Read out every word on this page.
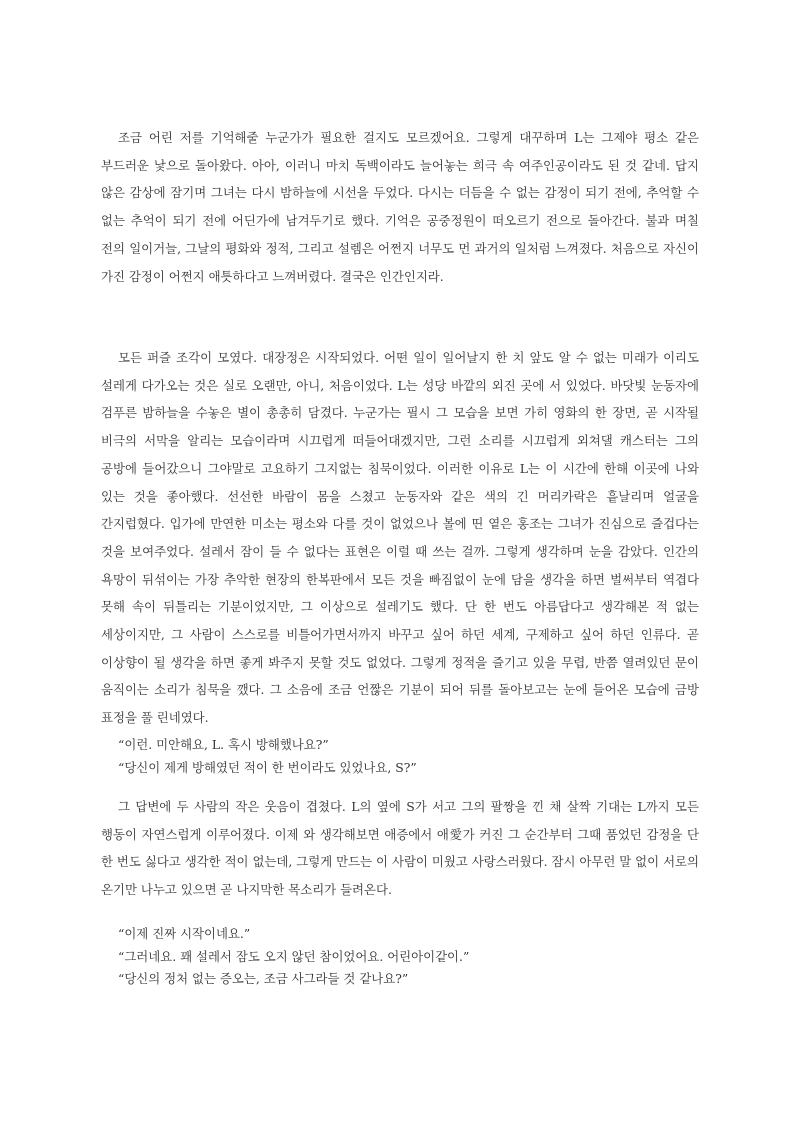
조금 어린 저를 기억해줄 누군가가 필요한 걸지도 모르겠어요. 그렇게 대꾸하며 L는 그제야 평소 같은 부드러운 낯으로 돌아왔다. 아아, 이러니 마치 독백이라도 늘어놓는 희극 속 여주인공이라도 된 것 같네. 답지 않은 감상에 잠기며 그녀는 다시 밤하늘에 시선을 두었다. 다시는 더듬을 수 없는 감정이 되기 전에, 추억할 수 없는 추억이 되기 전에 어딘가에 남겨두기로 했다. 기억은 공중정원이 떠오르기 전으로 돌아간다. 불과 며칠 전의 일이거늘, 그날의 평화와 정적, 그리고 설렘은 어쩐지 너무도 먼 과거의 일처럼 느껴졌다. 처음으로 자신이 가진 감정이 어쩐지 애틋하다고 느껴버렸다. 결국은 인간인지라.

모든 퍼즐 조각이 모였다. 대장정은 시작되었다. 어떤 일이 일어날지 한 치 앞도 알 수 없는 미래가 이리도 설레게 다가오는 것은 실로 오랜만, 아니, 처음이었다. L는 성당 바깥의 외진 곳에 서 있었다. 바닷빛 눈동자에 검푸른 밤하늘을 수놓은 별이 총총히 담겼다. 누군가는 필시 그 모습을 보면 가히 영화의 한 장면, 곧 시작될 비극의 서막을 알리는 모습이라며 시끄럽게 떠들어대겠지만, 그런 소리를 시끄럽게 외쳐댈 캐스터는 그의 공방에 들어갔으니 그야말로 고요하기 그지없는 침묵이었다. 이러한 이유로 L는 이 시간에 한해 이곳에 나와 있는 것을 좋아했다. 선선한 바람이 몸을 스쳤고 눈동자와 같은 색의 긴 머리카락은 흩날리며 얼굴을 간지럽혔다. 입가에 만연한 미소는 평소와 다를 것이 없었으나 볼에 띤 옅은 홍조는 그녀가 진심으로 즐겁다는 것을 보여주었다. 설레서 잠이 들 수 없다는 표현은 이럴 때 쓰는 걸까. 그렇게 생각하며 눈을 감았다. 인간의 욕망이 뒤섞이는 가장 추악한 현장의 한복판에서 모든 것을 빠짐없이 눈에 담을 생각을 하면 벌써부터 역겹다 못해 속이 뒤틀리는 기분이었지만, 그 이상으로 설레기도 했다. 단 한 번도 아름답다고 생각해본 적 없는 세상이지만, 그 사람이 스스로를 비틀어가면서까지 바꾸고 싶어 하던 세계, 구제하고 싶어 하던 인류다. 곧 이상향이 될 생각을 하면 좋게 봐주지 못할 것도 없었다. 그렇게 정적을 즐기고 있을 무렵, 반쯤 열려있던 문이 움직이는 소리가 침묵을 깼다. 그 소음에 조금 언짢은 기분이 되어 뒤를 돌아보고는 눈에 들어온 모습에 금방 표정을 풀 린네였다.

“이런. 미안해요, L. 혹시 방해했나요?”
“당신이 제게 방해였던 적이 한 번이라도 있었나요, S?”

그 답변에 두 사람의 작은 웃음이 겹쳤다. L의 옆에 S가 서고 그의 팔짱을 낀 채 살짝 기대는 L까지 모든 행동이 자연스럽게 이루어졌다. 이제 와 생각해보면 애증에서 애愛가 커진 그 순간부터 그때 품었던 감정을 단 한 번도 싫다고 생각한 적이 없는데, 그렇게 만드는 이 사람이 미웠고 사랑스러웠다. 잠시 아무런 말 없이 서로의 온기만 나누고 있으면 곧 나지막한 목소리가 들려온다.

“이제 진짜 시작이네요.”
“그러네요. 꽤 설레서 잠도 오지 않던 참이었어요. 어린아이같이.”
“당신의 정처 없는 증오는, 조금 사그라들 것 같나요?”
